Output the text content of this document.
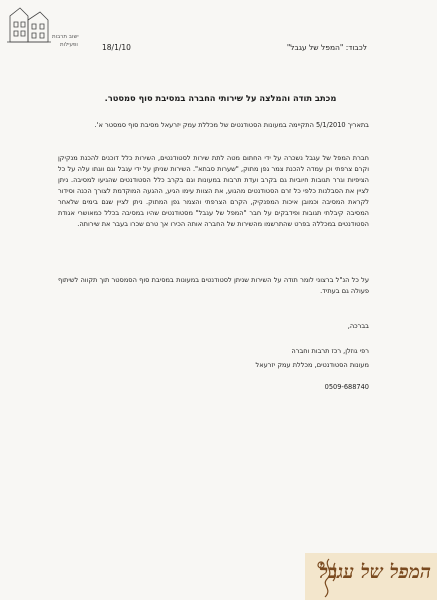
ישוב תרבות
ופעילות	18/1/10	לכבוד: "המפל של עגבל"
מכתב תודה והמלצה על שירותי החברה במסיבת סוף סמסטר.
בתאריך 5/1/2010 התקיימה במעונות הסטודנטים של מכללת עמק יזרעאל מסיבת סוף סמסטר א'.
חברת המפל של עגבל נשכרה על ידי החתום מטה לתת שירות לסטודנטים, השירות כלל דוכנים להכנת מנקיקן וקרם צרפתי וכן עמדה להכנת צמר גפן מתוק, "שערות סבתא". השירות שניתן על ידי עגבל וגם ווגתו עלה על כל הציפיות וגרר תגובות חיוביות גם בקרב ועדת תרבות במעונות וגם בקרב כלל הסטודנטים שהגיעו למסיבה. ניתן לציין את הסבלנות כלפי כל זרם הסטודנטים מהגוע, את הצוות עימו הגיע, ההגעה המוקדמת לצורך הכנה וסידור לקראת המסיבה וכמובן איכות המפנקיק, הקרם הצרפתי והצמר גפן המתוק. ניתן לציין שגם בימים שלאחר המסיבה קיבלתי תגובות ופידבקים על חבר "המפל של עגבל" מסטודנטים שהיו במסיבה בכלל כמאושרי אגודת הסטודנטים במכללה בפרט שהתרשמו מהשירות של החברה אותה הכירו אך טרם שכרו בעבר את שירותה.
על כל הנ"ל ברצוני לומר תודה על השירות שניתן לסטודנטים במעונות במסיבת סוף הסמסטר תוך תקווה לשיתוף פעולה גם בעתיד.
בברכה,
רפי גוזלן, רכז תרבות וחברה
מעונות הסטודנטים, מכללת עמק יזרעאל
0509-688740
המפל של עגבל
